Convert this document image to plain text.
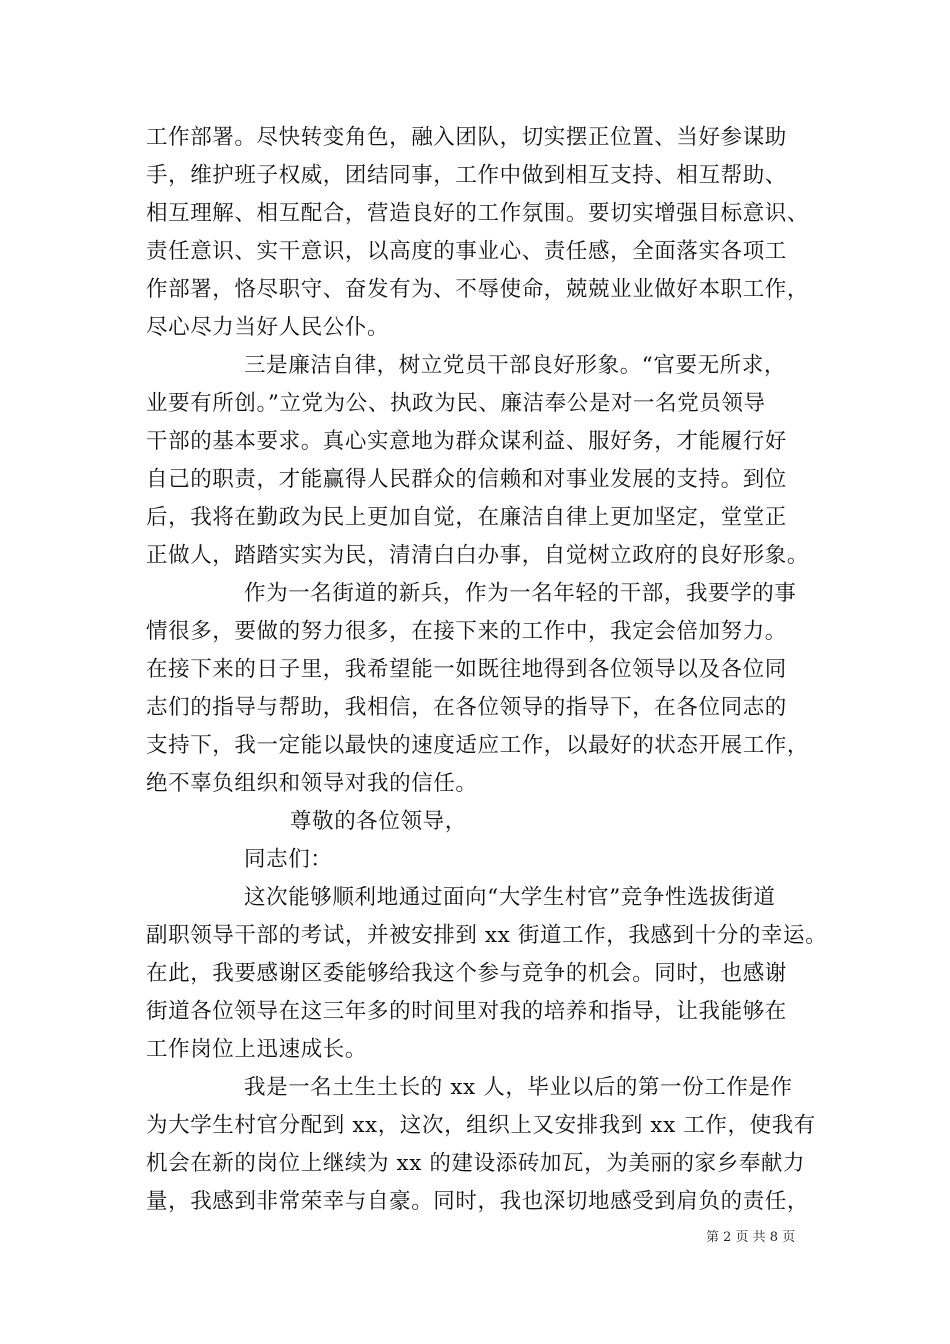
工作部署。尽快转变角色，融入团队，切实摆正位置、当好参谋助
手，维护班子权威，团结同事，工作中做到相互支持、相互帮助、
相互理解、相互配合，营造良好的工作氛围。要切实增强目标意识、
责任意识、实干意识，以高度的事业心、责任感，全面落实各项工
作部署，恪尽职守、奋发有为、不辱使命，兢兢业业做好本职工作，
尽心尽力当好人民公仆。
三是廉洁自律，树立党员干部良好形象。“官要无所求，
业要有所创。”立党为公、执政为民、廉洁奉公是对一名党员领导
干部的基本要求。真心实意地为群众谋利益、服好务，才能履行好
自己的职责，才能赢得人民群众的信赖和对事业发展的支持。到位
后，我将在勤政为民上更加自觉，在廉洁自律上更加坚定，堂堂正
正做人，踏踏实实为民，清清白白办事，自觉树立政府的良好形象。
作为一名街道的新兵，作为一名年轻的干部，我要学的事
情很多，要做的努力很多，在接下来的工作中，我定会倍加努力。
在接下来的日子里，我希望能一如既往地得到各位领导以及各位同
志们的指导与帮助，我相信，在各位领导的指导下，在各位同志的
支持下，我一定能以最快的速度适应工作，以最好的状态开展工作，
绝不辜负组织和领导对我的信任。
尊敬的各位领导，
同志们：
这次能够顺利地通过面向“大学生村官”竞争性选拔街道
副职领导干部的考试，并被安排到 xx 街道工作，我感到十分的幸运。
在此，我要感谢区委能够给我这个参与竞争的机会。同时，也感谢
街道各位领导在这三年多的时间里对我的培养和指导，让我能够在
工作岗位上迅速成长。
我是一名土生土长的 xx 人，毕业以后的第一份工作是作
为大学生村官分配到 xx，这次，组织上又安排我到 xx 工作，使我有
机会在新的岗位上继续为 xx 的建设添砖加瓦，为美丽的家乡奉献力
量，我感到非常荣幸与自豪。同时，我也深切地感受到肩负的责任，
第 2 页 共 8 页
